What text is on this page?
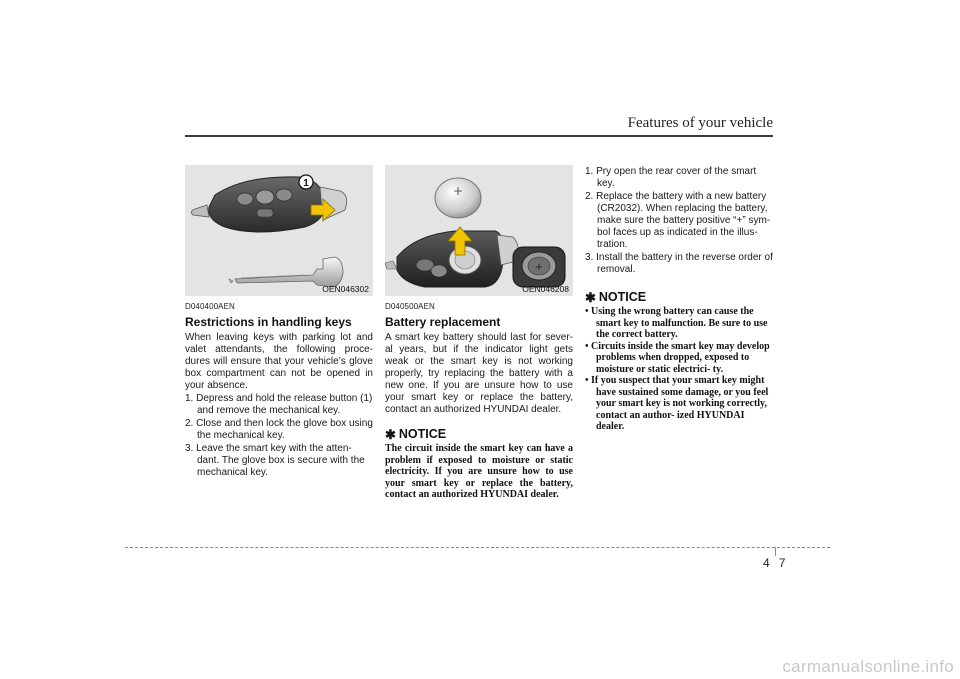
Features of your vehicle
1
OEN046302
D040400AEN
Restrictions in handling keys

When leaving keys with parking lot and valet attendants, the following proce- dures will ensure that your vehicle’s glove box compartment can not be opened in your absence.

1. Depress and hold the release button (1) and remove the mechanical key.
2. Close and then lock the glove box using the mechanical key.
3. Leave the smart key with the atten- dant. The glove box is secure with the mechanical key.
+
+
OEN046208
D040500AEN
Battery replacement

A smart key battery should last for sever- al years, but if the indicator light gets weak or the smart key is not working properly, try replacing the battery with a new one. If you are unsure how to use your smart key or replace the battery, contact an authorized HYUNDAI dealer.

✱ NOTICE

The circuit inside the smart key can have a problem if exposed to moisture or static electricity. If you are unsure how to use your smart key or replace the battery, contact an authorized HYUNDAI dealer.

1. Pry open the rear cover of the smart key.
2. Replace the battery with a new battery (CR2032). When replacing the battery, make sure the battery positive “+” sym- bol faces up as indicated in the illus- tration.
3. Install the battery in the reverse order of removal.
✱ NOTICE
• Using the wrong battery can cause the smart key to malfunction. Be sure to use the correct battery.
• Circuits inside the smart key may develop problems when dropped, exposed to moisture or static electrici- ty.
• If you suspect that your smart key might have sustained some damage, or you feel your smart key is not working correctly, contact an author- ized HYUNDAI dealer.
4 7
carmanualsonline.info
